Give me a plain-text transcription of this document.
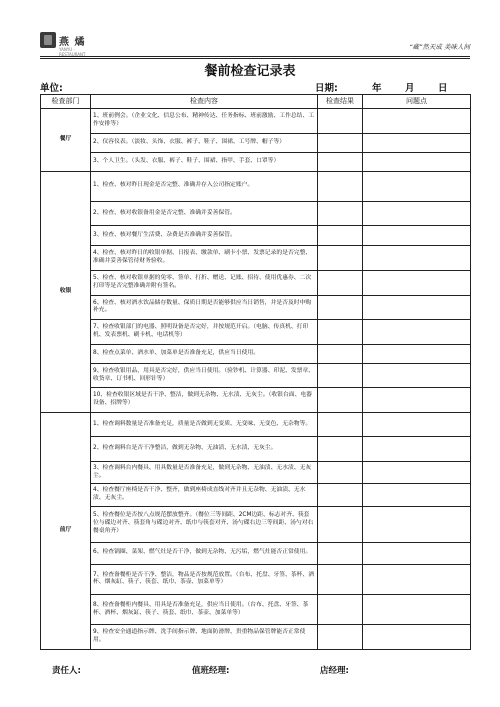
燕 燏
YANYU · RESTAURANT
“藏”然天成 美味人间
餐前检查记录表
单位:	日期:	年 月 日
检查部门	检查内容	检查结果	问题点
餐厅	1、班前例会。（企业文化、信息公布、精神传达、任务指标、班前激励、工作总结、工作安排等）		
	2、仪容仪表。（淡妆、头饰、衣服、裤子、鞋子、围裙、工号牌、帽子等）		
	3、个人卫生。（头发、衣服、裤子、鞋子、围裙、指甲、手套、口罩等）		
收银	1、检查、核对昨日现金是否完整、准确并存入公司指定账户。		
	2、检查、核对收银备用金是否完整、准确并妥善保管。		
	3、检查、核对餐厅生活费、杂费是否准确并妥善保管。		
	4、检查、核对昨日的收银单据、日报表、缴款单、刷卡小票、发票记录的是否完整、准确并妥善保管待财务验收。		
	5、检查、核对收银单据的免零、签单、打折、赠送、记账、招待、使用优惠券、二次打印等是否完整准确并附有签名。		
	6、检查、核对酒水饮品储存数量、保质日期是否能够供应当日销售，并是否及时申购补充。		
	7、检查收银部门的电器、照明设备是否完好，并按规范开启。（电脑、传真机、打印机、发表票机、刷卡机、电话机等）		
	8、检查点菜单、酒水单、加菜单是否准备充足，供应当日使用。		
	9、检查收银用品，用具是否完好，供应当日使用。（验钞机、计算器、印泥、发票章、收货章、订书机、回形针等）		
	10、检查收银区域是否干净、整洁，做到无杂物、无水渍、无灰尘。（收银台面、电器设备、招牌等）		
前厅	1、检查调料数量是否准备充足，质量是否做到无变质、无变味、无变色、无杂物等。		
	2、检查调料台是否干净整洁，做到无杂物、无油渍、无水渍、无灰尘。		
	3、检查调料台内餐具、用具数量是否准备充足，做到无杂物、无油渍、无水渍、无灰尘。		
	4、检查餐厅座椅是否干净、整齐，做到座椅成直线对齐并且无杂物、无油渍、无水渍、无灰尘。		
	5、检查餐位是否按八点规范摆放整齐。（餐位三等间距、2CM边距、标志对齐、筷套位与碟边对齐、筷套角与碟边对齐、纸巾与筷套对齐、汤勺碟右边三等间距、汤勺对右餐桌角齐）		
	6、检查锅圈、菜架、燃气灶是否干净，做到无杂物、无污垢，燃气灶能否正常使用。		
	7、检查备餐柜是否干净、整洁，物品是否按规范放置。（台布、托盘、牙签、茶杯、酒杯、烟灰缸、筷子、筷套、纸巾、茶壶、加菜单等）		
	8、检查备餐柜内餐具、用具是否准备充足，供应当日使用。（台布、托盘、牙签、茶杯、酒杯、烟灰缸、筷子、筷套、纸巾、茶壶、加菜单等）		
	9、检查安全通道指示牌、洗手间指示牌、地面防滑牌、贵重物品保管牌能否正常使用。		
责任人:	值班经理:	店经理:
